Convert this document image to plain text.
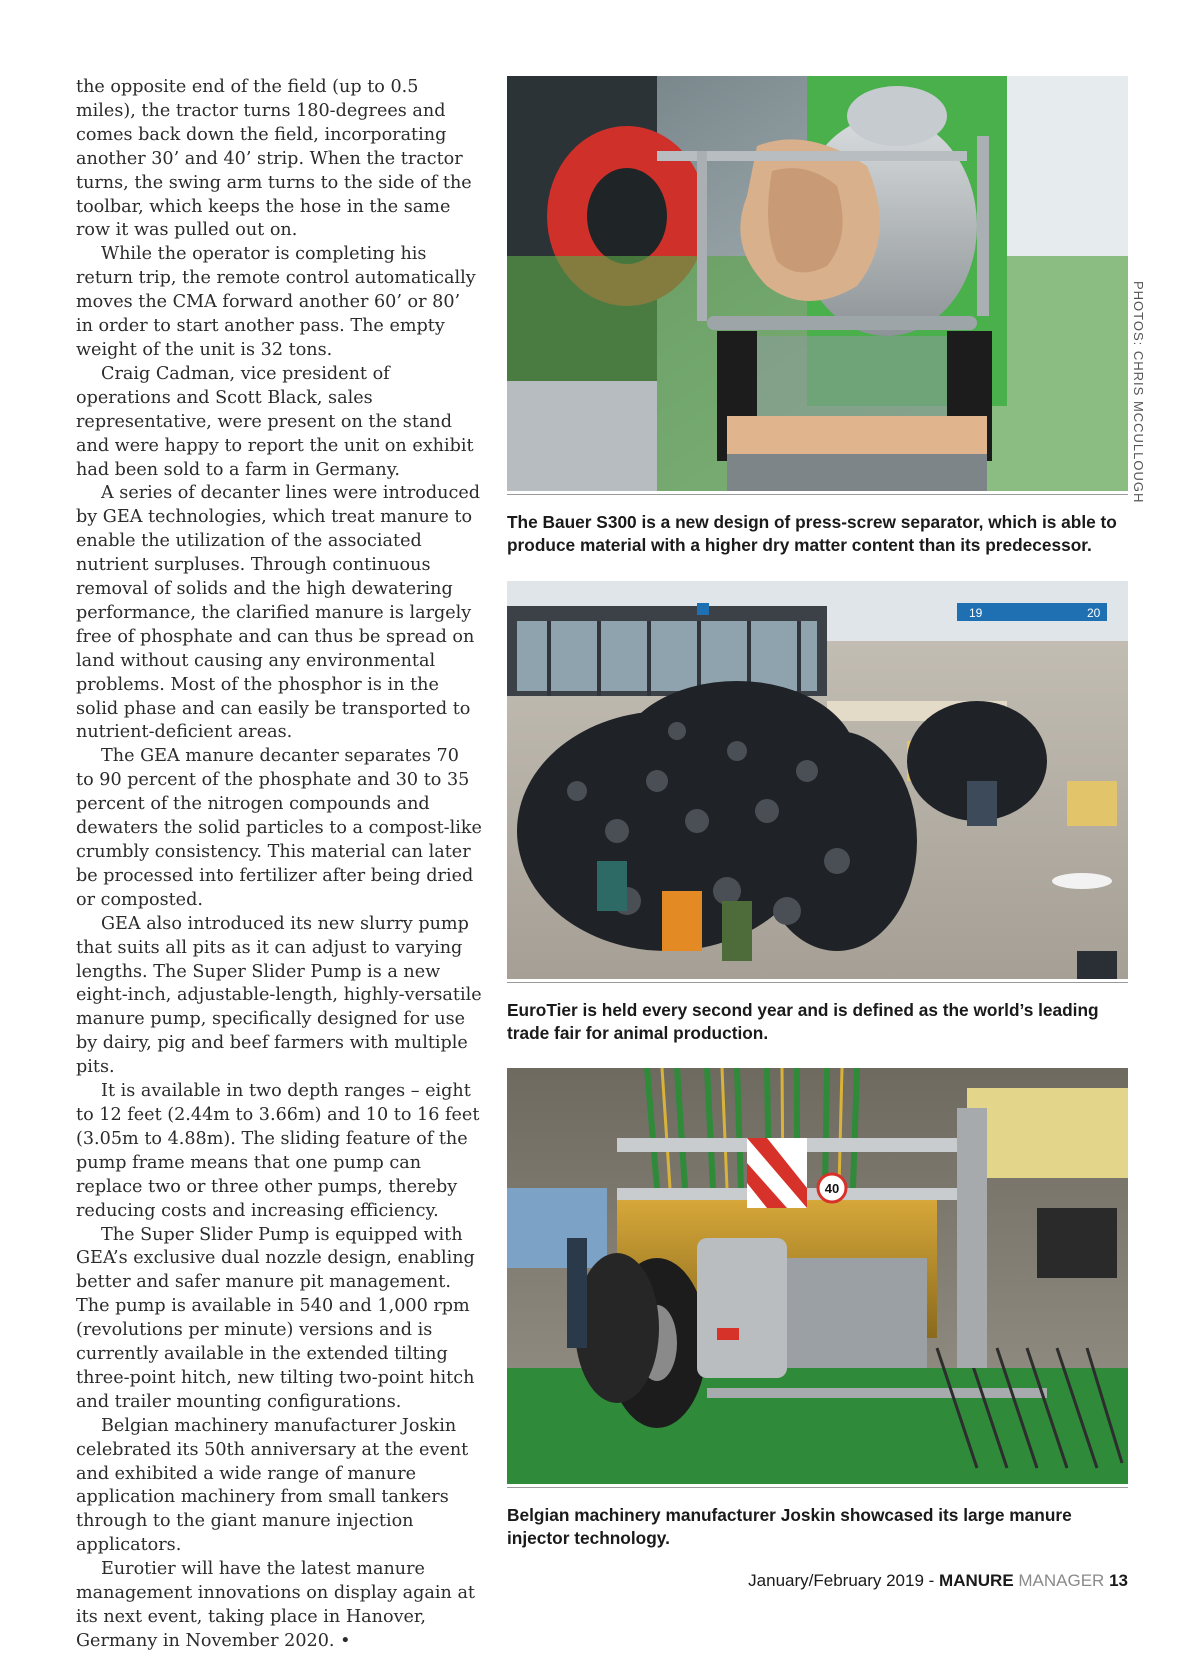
the opposite end of the field (up to 0.5 miles), the tractor turns 180-degrees and comes back down the field, incorporating another 30’ and 40’ strip. When the tractor turns, the swing arm turns to the side of the toolbar, which keeps the hose in the same row it was pulled out on.

While the operator is completing his return trip, the remote control automatically moves the CMA forward another 60’ or 80’ in order to start another pass. The empty weight of the unit is 32 tons.

Craig Cadman, vice president of operations and Scott Black, sales representative, were present on the stand and were happy to report the unit on exhibit had been sold to a farm in Germany.

A series of decanter lines were introduced by GEA technologies, which treat manure to enable the utilization of the associated nutrient surpluses. Through continuous removal of solids and the high dewatering performance, the clarified manure is largely free of phosphate and can thus be spread on land without causing any environmental problems. Most of the phosphor is in the solid phase and can easily be transported to nutrient-deficient areas.

The GEA manure decanter separates 70 to 90 percent of the phosphate and 30 to 35 percent of the nitrogen compounds and dewaters the solid particles to a compost-like crumbly consistency. This material can later be processed into fertilizer after being dried or composted.

GEA also introduced its new slurry pump that suits all pits as it can adjust to varying lengths. The Super Slider Pump is a new eight-inch, adjustable-length, highly-versatile manure pump, specifically designed for use by dairy, pig and beef farmers with multiple pits.

It is available in two depth ranges – eight to 12 feet (2.44m to 3.66m) and 10 to 16 feet (3.05m to 4.88m). The sliding feature of the pump frame means that one pump can replace two or three other pumps, thereby reducing costs and increasing efficiency.

The Super Slider Pump is equipped with GEA’s exclusive dual nozzle design, enabling better and safer manure pit management.

The pump is available in 540 and 1,000 rpm (revolutions per minute) versions and is currently available in the extended tilting three-point hitch, new tilting two-point hitch and trailer mounting configurations.

Belgian machinery manufacturer Joskin celebrated its 50th anniversary at the event and exhibited a wide range of manure application machinery from small tankers through to the giant manure injection applicators.

Eurotier will have the latest manure management innovations on display again at its next event, taking place in Hanover, Germany in November 2020. •

The Bauer S300 is a new design of press-screw separator, which is able to produce material with a higher dry matter content than its predecessor.
PHOTOS: CHRIS MCCULLOUGH
19	20
EuroTier is held every second year and is defined as the world’s leading trade fair for animal production.
40
Belgian machinery manufacturer Joskin showcased its large manure injector technology.
January/February 2019 - MANURE MANAGER 13
